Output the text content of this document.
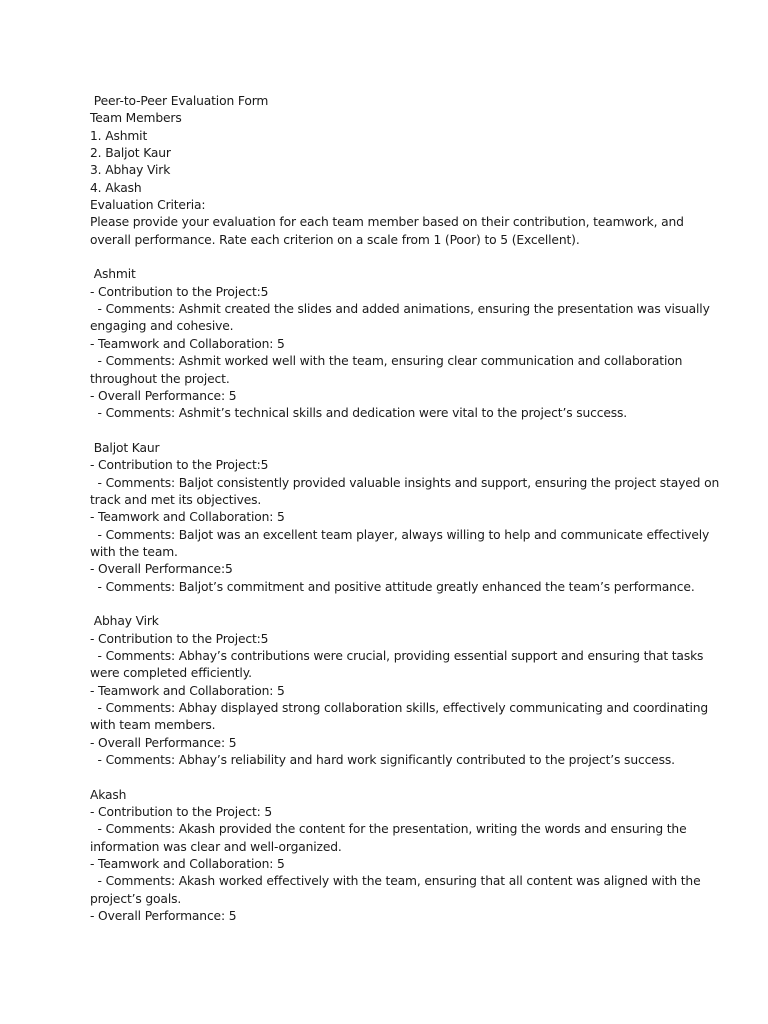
Peer-to-Peer Evaluation Form
Team Members
1. Ashmit
2. Baljot Kaur
3. Abhay Virk
4. Akash
Evaluation Criteria:
Please provide your evaluation for each team member based on their contribution, teamwork, and
overall performance. Rate each criterion on a scale from 1 (Poor) to 5 (Excellent).
Ashmit
- Contribution to the Project:5
- Comments: Ashmit created the slides and added animations, ensuring the presentation was visually
engaging and cohesive.
- Teamwork and Collaboration: 5
- Comments: Ashmit worked well with the team, ensuring clear communication and collaboration
throughout the project.
- Overall Performance: 5
- Comments: Ashmit’s technical skills and dedication were vital to the project’s success.
Baljot Kaur
- Contribution to the Project:5
- Comments: Baljot consistently provided valuable insights and support, ensuring the project stayed on
track and met its objectives.
- Teamwork and Collaboration: 5
- Comments: Baljot was an excellent team player, always willing to help and communicate effectively
with the team.
- Overall Performance:5
- Comments: Baljot’s commitment and positive attitude greatly enhanced the team’s performance.
Abhay Virk
- Contribution to the Project:5
- Comments: Abhay’s contributions were crucial, providing essential support and ensuring that tasks
were completed efficiently.
- Teamwork and Collaboration: 5
- Comments: Abhay displayed strong collaboration skills, effectively communicating and coordinating
with team members.
- Overall Performance: 5
- Comments: Abhay’s reliability and hard work significantly contributed to the project’s success.
Akash
- Contribution to the Project: 5
- Comments: Akash provided the content for the presentation, writing the words and ensuring the
information was clear and well-organized.
- Teamwork and Collaboration: 5
- Comments: Akash worked effectively with the team, ensuring that all content was aligned with the
project’s goals.
- Overall Performance: 5
